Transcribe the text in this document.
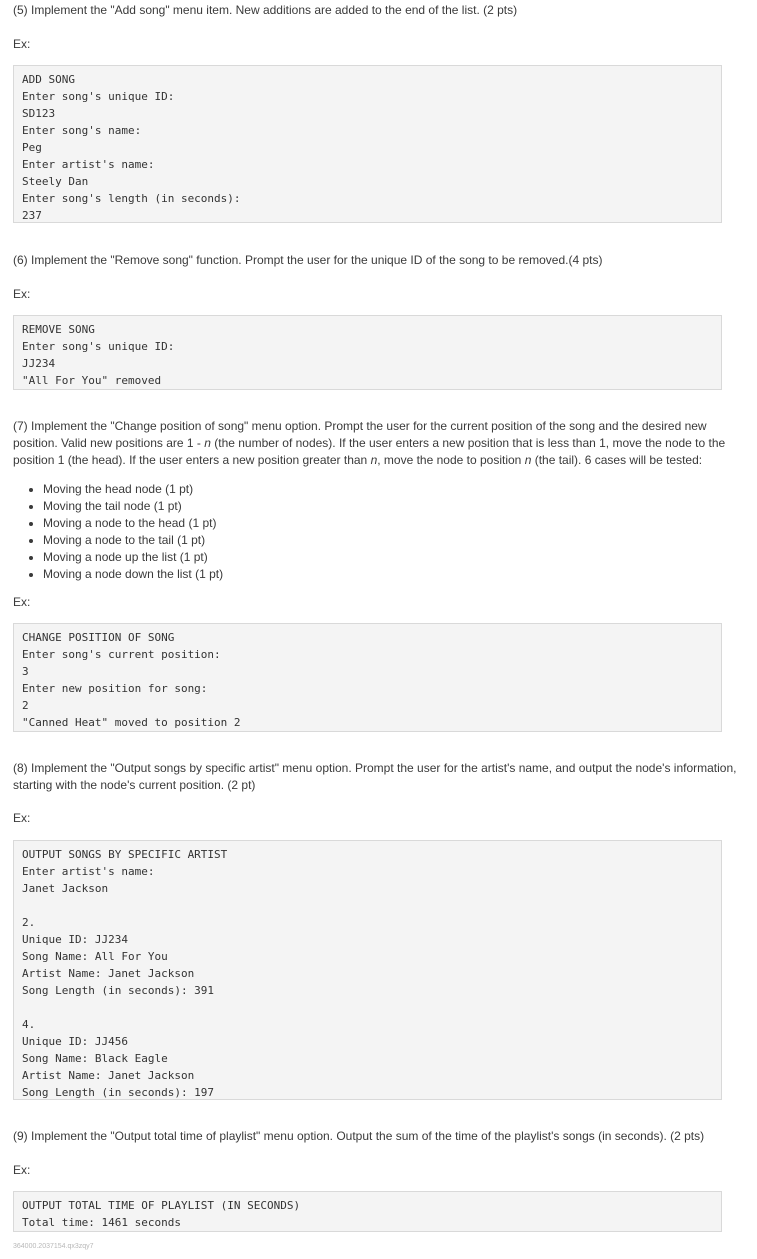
(5) Implement the "Add song" menu item. New additions are added to the end of the list. (2 pts)

Ex:

ADD SONG
Enter song's unique ID:
SD123
Enter song's name:
Peg
Enter artist's name:
Steely Dan
Enter song's length (in seconds):
237

(6) Implement the "Remove song" function. Prompt the user for the unique ID of the song to be removed.(4 pts)

Ex:

REMOVE SONG
Enter song's unique ID:
JJ234
"All For You" removed

(7) Implement the "Change position of song" menu option. Prompt the user for the current position of the song and the desired new position. Valid new positions are 1 - n (the number of nodes). If the user enters a new position that is less than 1, move the node to the position 1 (the head). If the user enters a new position greater than n, move the node to position n (the tail). 6 cases will be tested:

• Moving the head node (1 pt)
• Moving the tail node (1 pt)
• Moving a node to the head (1 pt)
• Moving a node to the tail (1 pt)
• Moving a node up the list (1 pt)
• Moving a node down the list (1 pt)

Ex:

CHANGE POSITION OF SONG
Enter song's current position:
3
Enter new position for song:
2
"Canned Heat" moved to position 2

(8) Implement the "Output songs by specific artist" menu option. Prompt the user for the artist's name, and output the node's information, starting with the node's current position. (2 pt)

Ex:

OUTPUT SONGS BY SPECIFIC ARTIST
Enter artist's name:
Janet Jackson
2.
Unique ID: JJ234
Song Name: All For You
Artist Name: Janet Jackson
Song Length (in seconds): 391
4.
Unique ID: JJ456
Song Name: Black Eagle
Artist Name: Janet Jackson
Song Length (in seconds): 197

(9) Implement the "Output total time of playlist" menu option. Output the sum of the time of the playlist's songs (in seconds). (2 pts)

Ex:

OUTPUT TOTAL TIME OF PLAYLIST (IN SECONDS)
Total time: 1461 seconds
364000.2037154.qx3zqy7
